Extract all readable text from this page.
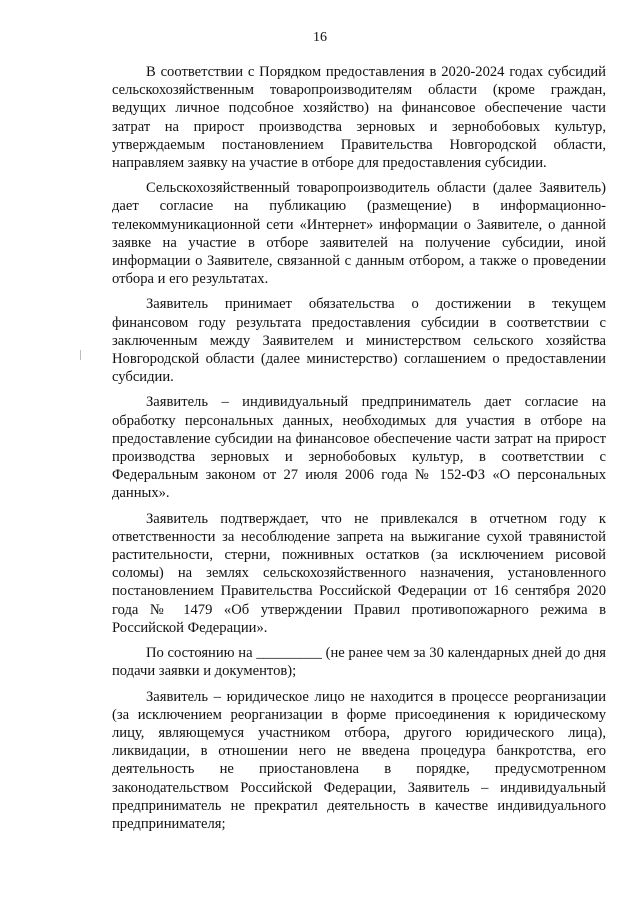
16

В соответствии с Порядком предоставления в 2020-2024 годах субсидий сельскохозяйственным товаропроизводителям области (кроме граждан, ведущих личное подсобное хозяйство) на финансовое обеспечение части затрат на прирост производства зерновых и зернобобовых культур, утверждаемым постановлением Правительства Новгородской области, направляем заявку на участие в отборе для предоставления субсидии.

Сельскохозяйственный товаропроизводитель области (далее Заявитель) дает согласие на публикацию (размещение) в информационно-телекоммуникационной сети «Интернет» информации о Заявителе, о данной заявке на участие в отборе заявителей на получение субсидии, иной информации о Заявителе, связанной с данным отбором, а также о проведении отбора и его результатах.

Заявитель принимает обязательства о достижении в текущем финансовом году результата предоставления субсидии в соответствии с заключенным между Заявителем и министерством сельского хозяйства Новгородской области (далее министерство) соглашением о предоставлении субсидии.

Заявитель – индивидуальный предприниматель дает согласие на обработку персональных данных, необходимых для участия в отборе на предоставление субсидии на финансовое обеспечение части затрат на прирост производства зерновых и зернобобовых культур, в соответствии с Федеральным законом от 27 июля 2006 года № 152-ФЗ «О персональных данных».

Заявитель подтверждает, что не привлекался в отчетном году к ответственности за несоблюдение запрета на выжигание сухой травянистой растительности, стерни, пожнивных остатков (за исключением рисовой соломы) на землях сельскохозяйственного назначения, установленного постановлением Правительства Российской Федерации от 16 сентября 2020 года № 1479 «Об утверждении Правил противопожарного режима в Российской Федерации».

По состоянию на _________ (не ранее чем за 30 календарных дней до дня подачи заявки и документов);

Заявитель – юридическое лицо не находится в процессе реорганизации (за исключением реорганизации в форме присоединения к юридическому лицу, являющемуся участником отбора, другого юридического лица), ликвидации, в отношении него не введена процедура банкротства, его деятельность не приостановлена в порядке, предусмотренном законодательством Российской Федерации, Заявитель – индивидуальный предприниматель не прекратил деятельность в качестве индивидуального предпринимателя;
